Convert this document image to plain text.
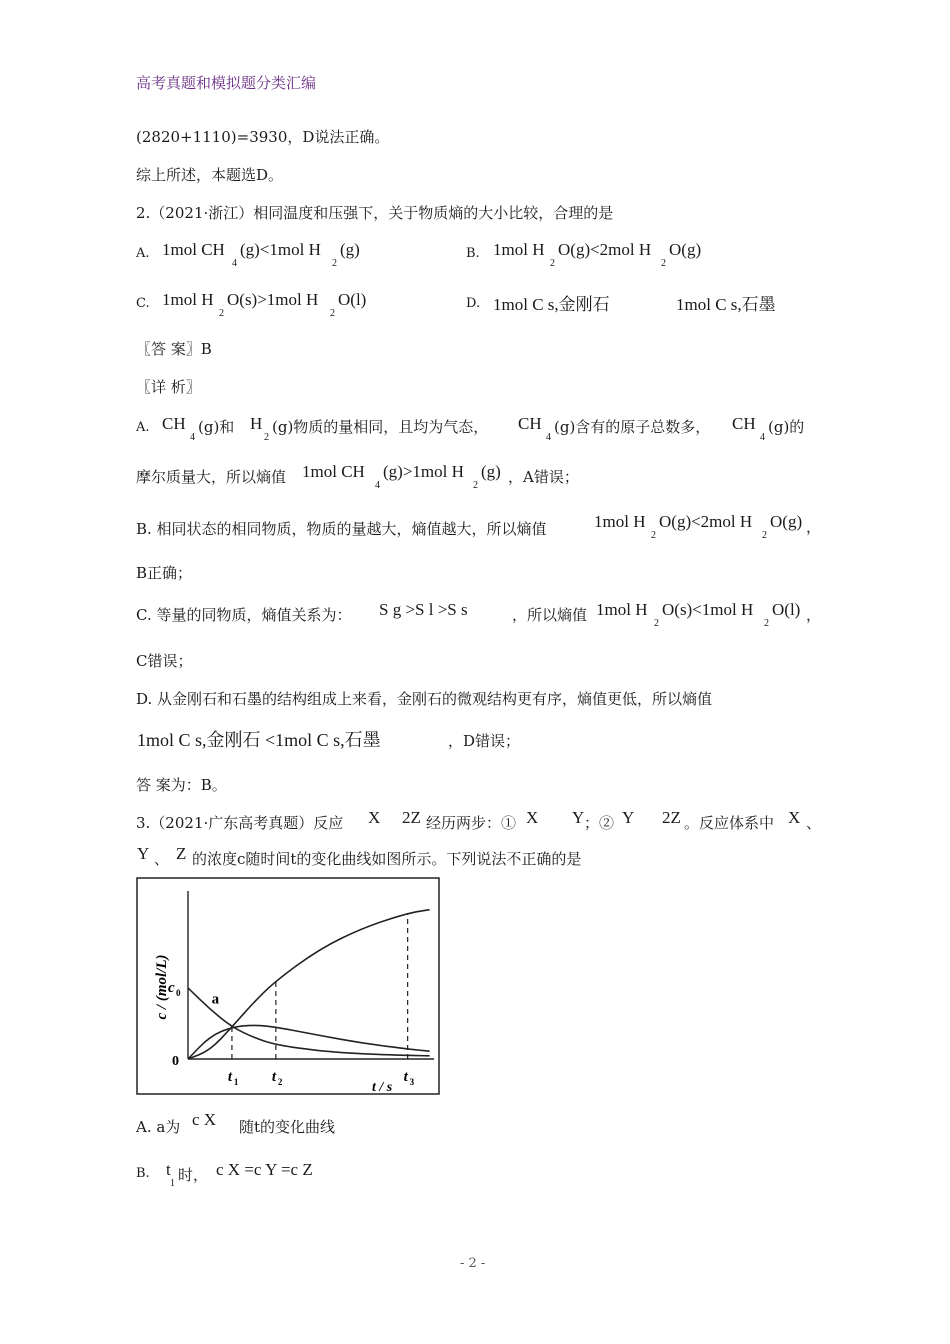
高考真题和模拟题分类汇编
(2820+1110)=3930，D说法正确。
综上所述，本题选D。
2.（2021·浙江）相同温度和压强下，关于物质熵的大小比较，合理的是
A. 1mol CH
4
(g)<1mol H
2
(g)	B. 1mol H
2
O(g)<2mol H
2
O(g)
C. 1mol H
2
O(s)>1mol H
2
O(l)	D. 1mol C s,金刚石	1mol C s,石墨
〖答 案〗B
〖详 析〗
A. CH
4
(g)和 H
2
(g)物质的量相同，且均为气态， CH
4
(g)含有的原子总数多， CH
4
(g)的
摩尔质量大，所以熵值 1mol CH
4
(g)>1mol H
2
(g) ，A错误；
B. 相同状态的相同物质，物质的量越大，熵值越大，所以熵值	1mol H
2
O(g)<2mol H
2
O(g) ，
B正确；
C. 等量的同物质，熵值关系为： S g >S l >S s	，所以熵值 1mol H
2
O(s)<1mol H
2
O(l) ，
C错误；
D. 从金刚石和石墨的结构组成上来看，金刚石的微观结构更有序，熵值更低，所以熵值
1mol C s,金刚石 <1mol C s,石墨	，D错误；
答 案为：B。
3.（2021·广东高考真题）反应 X 2Z 经历两步：① X Y ；② Y 2Z 。反应体系中 X 、
Y 、 Z 的浓度c随时间t的变化曲线如图所示。下列说法不正确的是
c / (mol/L)
t / s
t 1 t 2	t 3
c 0
0
a
A. a为 c X 随t的变化曲线
B. t
1 时， c X =c Y =c Z
- 2 -
